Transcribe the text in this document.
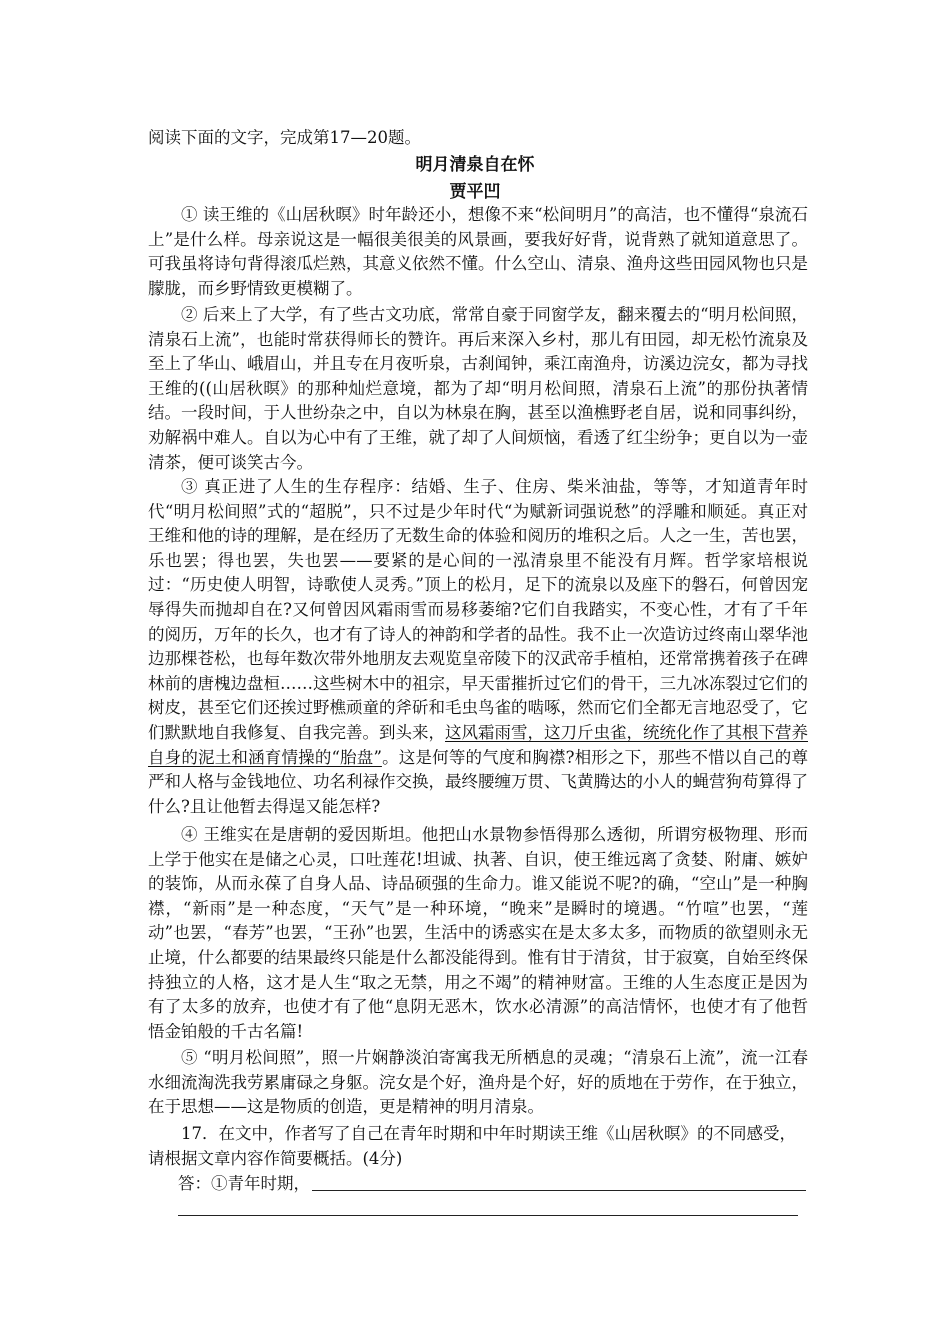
阅读下面的文字，完成第17—20题。
明月清泉自在怀
贾平凹

① 读王维的《山居秋暝》时年龄还小，想像不来“松间明月”的高洁，也不懂得“泉流石上”是什么样。母亲说这是一幅很美很美的风景画，要我好好背，说背熟了就知道意思了。可我虽将诗句背得滚瓜烂熟，其意义依然不懂。什么空山、清泉、渔舟这些田园风物也只是朦胧，而乡野情致更模糊了。

② 后来上了大学，有了些古文功底，常常自豪于同窗学友，翻来覆去的“明月松间照，清泉石上流”，也能时常获得师长的赞许。再后来深入乡村，那儿有田园，却无松竹流泉及至上了华山、峨眉山，并且专在月夜听泉，古刹闻钟，乘江南渔舟，访溪边浣女，都为寻找王维的((山居秋暝》的那种灿烂意境，都为了却“明月松间照，清泉石上流”的那份执著情结。一段时间，于人世纷杂之中，自以为林泉在胸，甚至以渔樵野老自居，说和同事纠纷，劝解祸中难人。自以为心中有了王维，就了却了人间烦恼，看透了红尘纷争；更自以为一壶清茶，便可谈笑古今。

③ 真正进了人生的生存程序：结婚、生子、住房、柴米油盐，等等，才知道青年时代“明月松间照”式的“超脱”，只不过是少年时代“为赋新词强说愁”的浮雕和顺延。真正对王维和他的诗的理解，是在经历了无数生命的体验和阅历的堆积之后。人之一生，苦也罢，乐也罢；得也罢，失也罢——要紧的是心间的一泓清泉里不能没有月辉。哲学家培根说过：“历史使人明智，诗歌使人灵秀。”顶上的松月，足下的流泉以及座下的磐石，何曾因宠辱得失而抛却自在?又何曾因风霜雨雪而易移萎缩?它们自我踏实，不变心性，才有了千年的阅历，万年的长久，也才有了诗人的神韵和学者的品性。我不止一次造访过终南山翠华池边那棵苍松，也每年数次带外地朋友去观览皇帝陵下的汉武帝手植柏，还常常携着孩子在碑林前的唐槐边盘桓……这些树木中的祖宗，早天雷摧折过它们的骨干，三九冰冻裂过它们的树皮，甚至它们还挨过野樵顽童的斧斫和毛虫鸟雀的啮啄，然而它们全都无言地忍受了，它们默默地自我修复、自我完善。到头来，这风霜雨雪，这刀斤虫雀，统统化作了其根下营养自身的泥土和涵育情操的“胎盘”。这是何等的气度和胸襟?相形之下，那些不惜以自己的尊严和人格与金钱地位、功名利禄作交换，最终腰缠万贯、飞黄腾达的小人的蝇营狗苟算得了什么?且让他暂去得逞又能怎样?

④ 王维实在是唐朝的爱因斯坦。他把山水景物参悟得那么透彻，所谓穷极物理、形而上学于他实在是储之心灵，口吐莲花!坦诚、执著、自识，使王维远离了贪婪、附庸、嫉妒的装饰，从而永葆了自身人品、诗品硕强的生命力。谁又能说不呢?的确，“空山”是一种胸襟，“新雨”是一种态度，“天气”是一种环境，“晚来”是瞬时的境遇。“竹喧”也罢，“莲动”也罢，“春芳”也罢，“王孙”也罢，生活中的诱惑实在是太多太多，而物质的欲望则永无止境，什么都要的结果最终只能是什么都没能得到。惟有甘于清贫，甘于寂寞，自始至终保持独立的人格，这才是人生“取之无禁，用之不竭”的精神财富。王维的人生态度正是因为有了太多的放弃，也使才有了他“息阴无恶木，饮水必清源”的高洁情怀，也使才有了他哲悟金铂般的千古名篇!

⑤ “明月松间照”，照一片娴静淡泊寄寓我无所栖息的灵魂；“清泉石上流”，流一江春水细流淘洗我劳累庸碌之身躯。浣女是个好，渔舟是个好，好的质地在于劳作，在于独立，在于思想——这是物质的创造，更是精神的明月清泉。

17．在文中，作者写了自己在青年时期和中年时期读王维《山居秋暝》的不同感受，请根据文章内容作简要概括。(4分)

答：①青年时期，
